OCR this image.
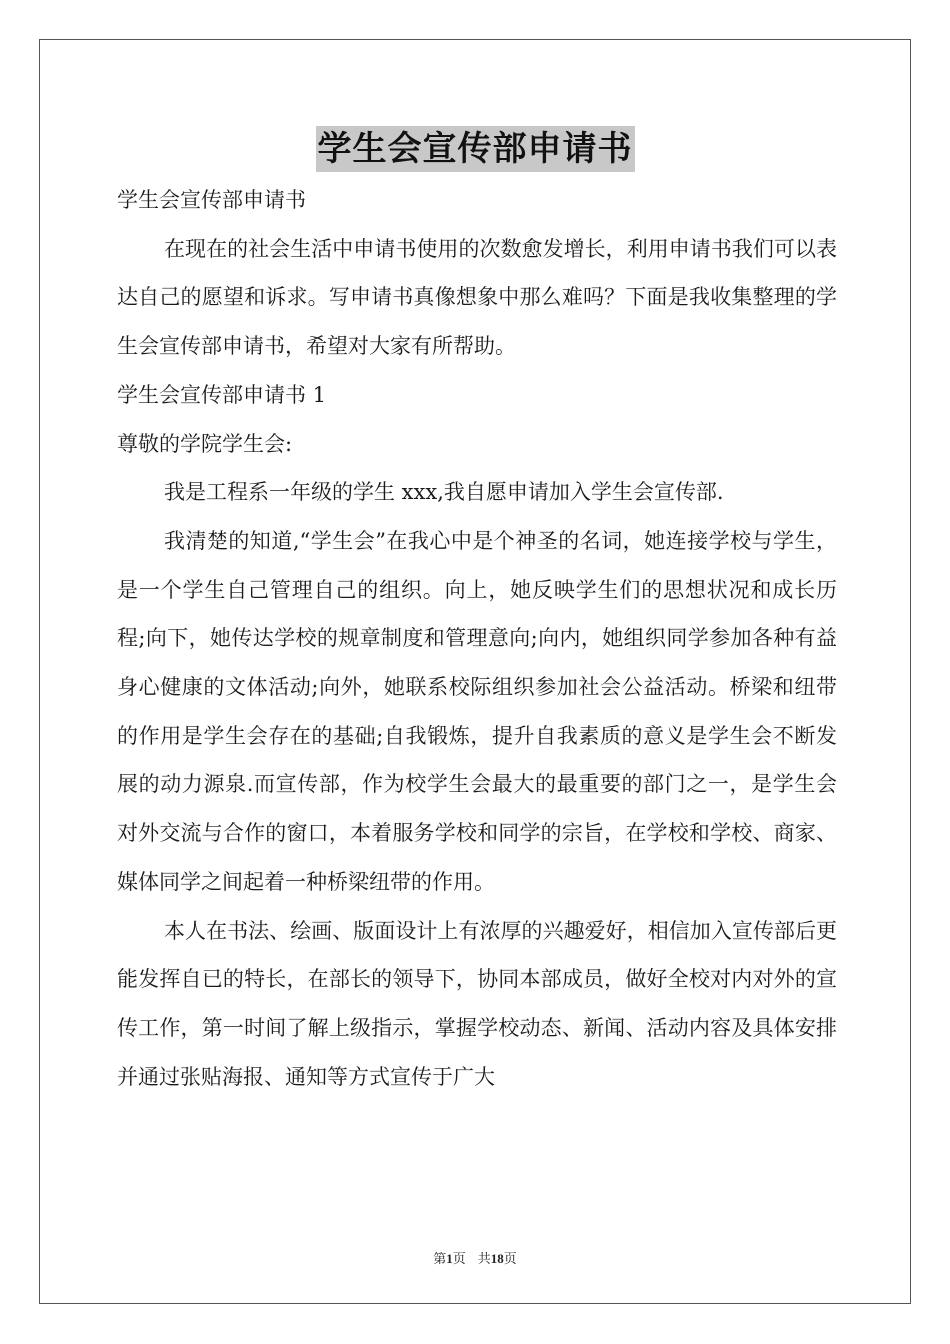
学生会宣传部申请书

学生会宣传部申请书

在现在的社会生活中申请书使用的次数愈发增长，利用申请书我们可以表达自己的愿望和诉求。写申请书真像想象中那么难吗？下面是我收集整理的学生会宣传部申请书，希望对大家有所帮助。

学生会宣传部申请书 1

尊敬的学院学生会:

我是工程系一年级的学生 xxx,我自愿申请加入学生会宣传部.

我清楚的知道,“学生会”在我心中是个神圣的名词，她连接学校与学生，是一个学生自己管理自己的组织。向上，她反映学生们的思想状况和成长历程;向下，她传达学校的规章制度和管理意向;向内，她组织同学参加各种有益身心健康的文体活动;向外，她联系校际组织参加社会公益活动。桥梁和纽带的作用是学生会存在的基础;自我锻炼，提升自我素质的意义是学生会不断发展的动力源泉.而宣传部，作为校学生会最大的最重要的部门之一，是学生会对外交流与合作的窗口，本着服务学校和同学的宗旨，在学校和学校、商家、媒体同学之间起着一种桥梁纽带的作用。

本人在书法、绘画、版面设计上有浓厚的兴趣爱好，相信加入宣传部后更能发挥自已的特长，在部长的领导下，协同本部成员，做好全校对内对外的宣传工作，第一时间了解上级指示，掌握学校动态、新闻、活动内容及具体安排并通过张贴海报、通知等方式宣传于广大

第1页 共18页
